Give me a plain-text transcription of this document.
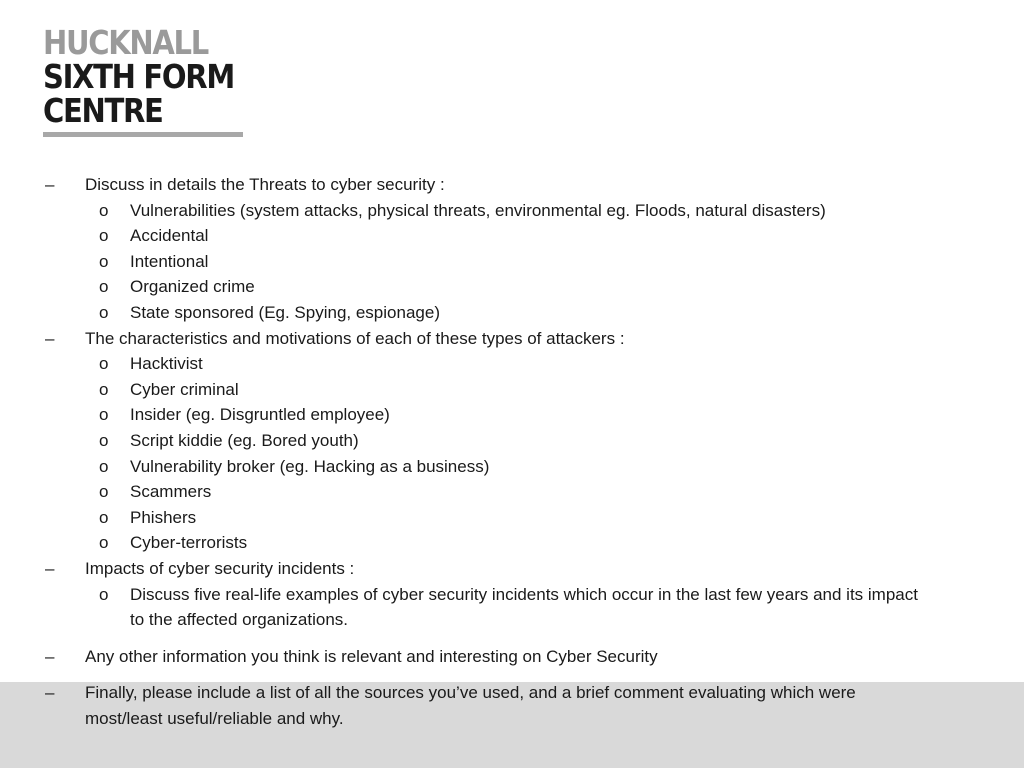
HUCKNALL
SIXTH FORM
CENTRE
– Discuss in details the Threats to cyber security :
o Vulnerabilities (system attacks, physical threats, environmental eg. Floods, natural disasters)
o Accidental
o Intentional
o Organized crime
o State sponsored (Eg. Spying, espionage)
– The characteristics and motivations of each of these types of attackers :
o Hacktivist
o Cyber criminal
o Insider (eg. Disgruntled employee)
o Script kiddie (eg. Bored youth)
o Vulnerability broker (eg. Hacking as a business)
o Scammers
o Phishers
o Cyber-terrorists
– Impacts of cyber security incidents :
o Discuss five real-life examples of cyber security incidents which occur in the last few years and its impact to the affected organizations.
– Any other information you think is relevant and interesting on Cyber Security
– Finally, please include a list of all the sources you’ve used, and a brief comment evaluating which were most/least useful/reliable and why.
